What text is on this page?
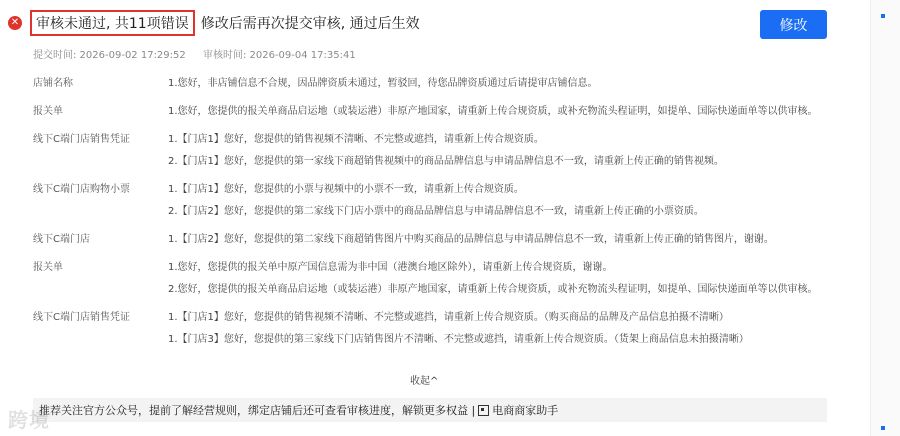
✕	审核未通过, 共11项错误 修改后需再次提交审核, 通过后生效	修改
提交时间: 2026-09-02 17:29:52 审核时间: 2026-09-04 17:35:41
店铺名称	1.您好，非店铺信息不合规，因品牌资质未通过，暂驳回，待您品牌资质通过后请提审店铺信息。
报关单	1.您好，您提供的报关单商品启运地（或装运港）非原产地国家，请重新上传合规资质，或补充物流头程证明，如提单、国际快递面单等以供审核。
线下C端门店销售凭证	1.【门店1】您好，您提供的销售视频不清晰、不完整或遮挡，请重新上传合规资质。
2.【门店1】您好，您提供的第一家线下商超销售视频中的商品品牌信息与申请品牌信息不一致，请重新上传正确的销售视频。
线下C端门店购物小票	1.【门店1】您好，您提供的小票与视频中的小票不一致，请重新上传合规资质。
2.【门店2】您好，您提供的第二家线下门店小票中的商品品牌信息与申请品牌信息不一致，请重新上传正确的小票资质。
线下C端门店	1.【门店2】您好，您提供的第二家线下商超销售图片中购买商品的品牌信息与申请品牌信息不一致，请重新上传正确的销售图片，谢谢。
报关单	1.您好，您提供的报关单中原产国信息需为非中国（港澳台地区除外），请重新上传合规资质，谢谢。
2.您好，您提供的报关单商品启运地（或装运港）非原产地国家，请重新上传合规资质，或补充物流头程证明，如提单、国际快递面单等以供审核。
线下C端门店销售凭证	1.【门店1】您好，您提供的销售视频不清晰、不完整或遮挡，请重新上传合规资质。（购买商品的品牌及产品信息拍摄不清晰）
1.【门店3】您好，您提供的第三家线下门店销售图片不清晰、不完整或遮挡，请重新上传合规资质。（货架上商品信息未拍摄清晰）
收起^
推荐关注官方公众号，提前了解经营规则，绑定店铺后还可查看审核进度，解锁更多权益 | 电商商家助手
跨境
